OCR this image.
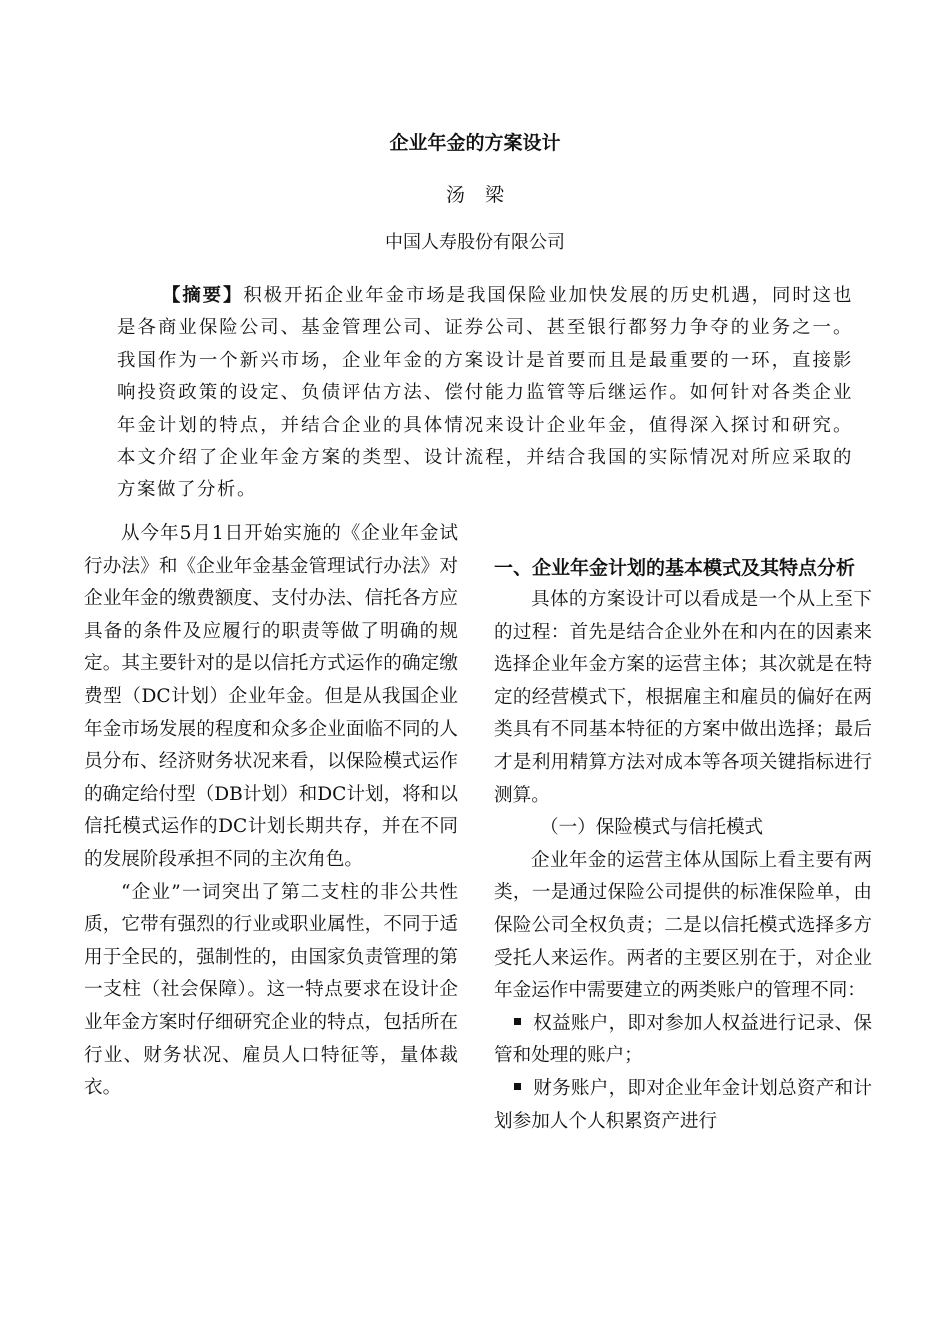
企业年金的方案设计
汤梁
中国人寿股份有限公司

【摘要】积极开拓企业年金市场是我国保险业加快发展的历史机遇，同时这也是各商业保险公司、基金管理公司、证券公司、甚至银行都努力争夺的业务之一。我国作为一个新兴市场，企业年金的方案设计是首要而且是最重要的一环，直接影响投资政策的设定、负债评估方法、偿付能力监管等后继运作。如何针对各类企业年金计划的特点，并结合企业的具体情况来设计企业年金，值得深入探讨和研究。本文介绍了企业年金方案的类型、设计流程，并结合我国的实际情况对所应采取的方案做了分析。

从今年5月1日开始实施的《企业年金试行办法》和《企业年金基金管理试行办法》对企业年金的缴费额度、支付办法、信托各方应具备的条件及应履行的职责等做了明确的规定。其主要针对的是以信托方式运作的确定缴费型（DC计划）企业年金。但是从我国企业年金市场发展的程度和众多企业面临不同的人员分布、经济财务状况来看，以保险模式运作的确定给付型（DB计划）和DC计划，将和以信托模式运作的DC计划长期共存，并在不同的发展阶段承担不同的主次角色。

“企业”一词突出了第二支柱的非公共性质，它带有强烈的行业或职业属性，不同于适用于全民的，强制性的，由国家负责管理的第一支柱（社会保障）。这一特点要求在设计企业年金方案时仔细研究企业的特点，包括所在行业、财务状况、雇员人口特征等，量体裁衣。

一、企业年金计划的基本模式及其特点分析

具体的方案设计可以看成是一个从上至下的过程：首先是结合企业外在和内在的因素来选择企业年金方案的运营主体；其次就是在特定的经营模式下，根据雇主和雇员的偏好在两类具有不同基本特征的方案中做出选择；最后才是利用精算方法对成本等各项关键指标进行测算。

（一）保险模式与信托模式

企业年金的运营主体从国际上看主要有两类，一是通过保险公司提供的标准保险单，由保险公司全权负责；二是以信托模式选择多方受托人来运作。两者的主要区别在于，对企业年金运作中需要建立的两类账户的管理不同：

权益账户，即对参加人权益进行记录、保管和处理的账户；

财务账户，即对企业年金计划总资产和计划参加人个人积累资产进行
